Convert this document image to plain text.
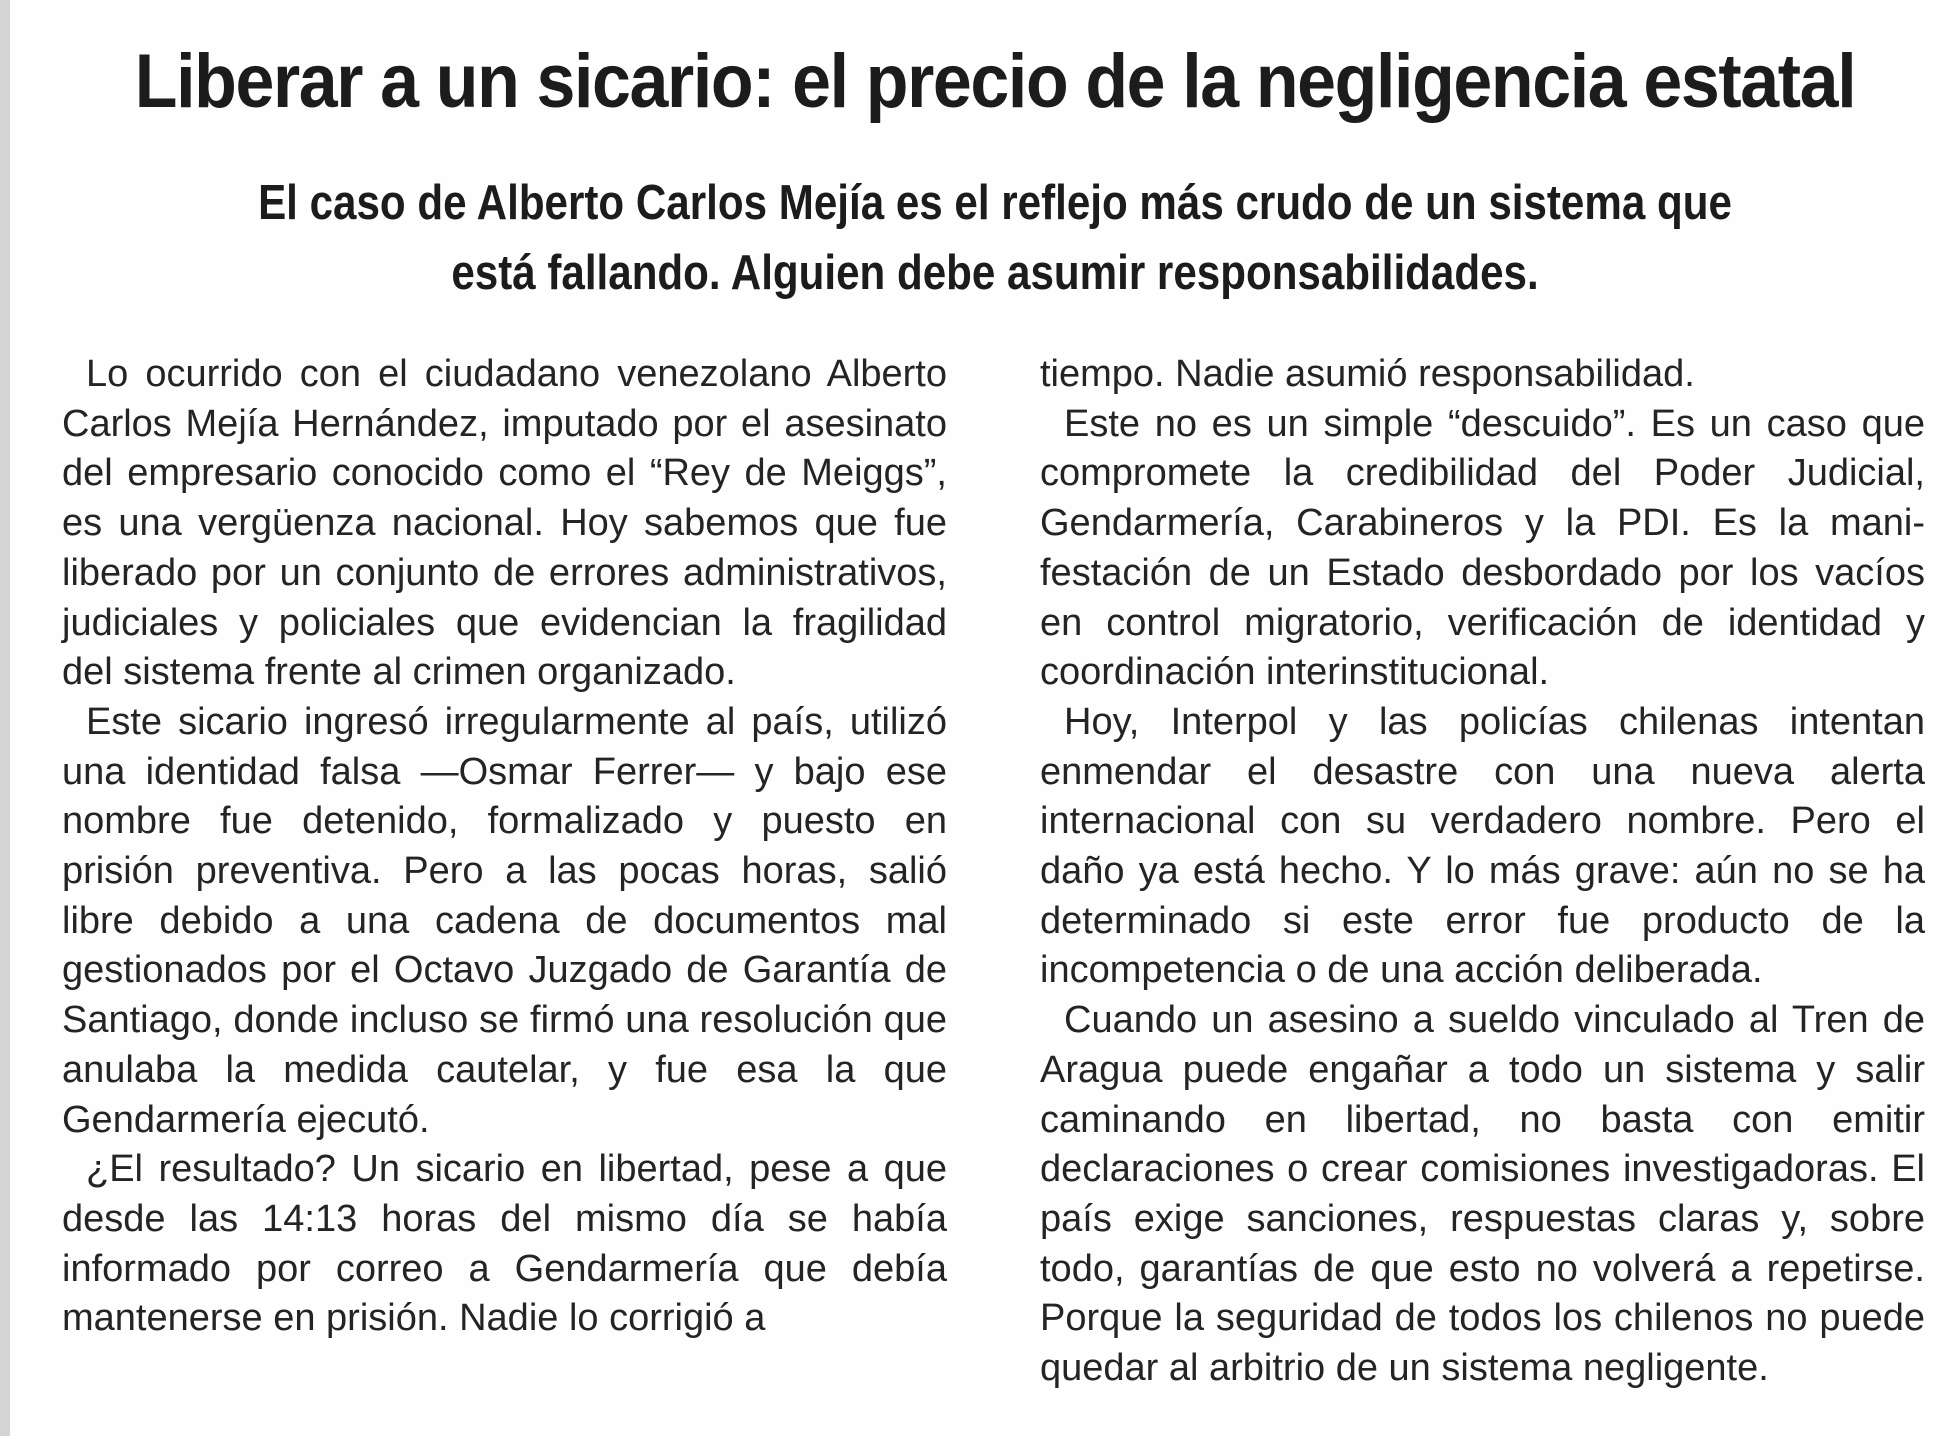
Liberar a un sicario: el precio de la negligencia estatal
El caso de Alberto Carlos Mejía es el reflejo más crudo de un sistema que está fallando. Alguien debe asumir responsabilidades.

Lo ocurrido con el ciudadano venezolano Alberto Carlos Mejía Hernández, imputado por el asesinato del empresario conocido como el “Rey de Meiggs”, es una vergüenza nacional. Hoy sabemos que fue liberado por un conjunto de errores administrativos, judiciales y policiales que evidencian la fragilidad del sistema frente al crimen organizado.

Este sicario ingresó irregularmente al país, utilizó una identidad falsa —Osmar Ferrer— y bajo ese nombre fue detenido, formalizado y puesto en prisión preventiva. Pero a las pocas horas, salió libre debido a una cadena de documentos mal gestionados por el Octavo Juzgado de Garantía de Santiago, donde incluso se firmó una resolución que anulaba la medida cautelar, y fue esa la que Gendarmería ejecutó.

¿El resultado? Un sicario en libertad, pese a que desde las 14:13 horas del mismo día se había informado por correo a Gendarmería que debía mantenerse en prisión. Nadie lo corrigió a

tiempo. Nadie asumió responsabilidad.

Este no es un simple “descuido”. Es un caso que compromete la credibilidad del Poder Judicial, Gendarmería, Carabineros y la PDI. Es la manifestación de un Estado desbordado por los vacíos en control migratorio, verificación de identidad y coordinación interinstitucional.

Hoy, Interpol y las policías chilenas intentan enmendar el desastre con una nueva alerta internacional con su verdadero nombre. Pero el daño ya está hecho. Y lo más grave: aún no se ha determinado si este error fue producto de la incompetencia o de una acción deliberada.

Cuando un asesino a sueldo vinculado al Tren de Aragua puede engañar a todo un sistema y salir caminando en libertad, no basta con emitir declaraciones o crear comisiones investigadoras. El país exige sanciones, respuestas claras y, sobre todo, garantías de que esto no volverá a repetirse. Porque la seguridad de todos los chilenos no puede quedar al arbitrio de un sistema negligente.
